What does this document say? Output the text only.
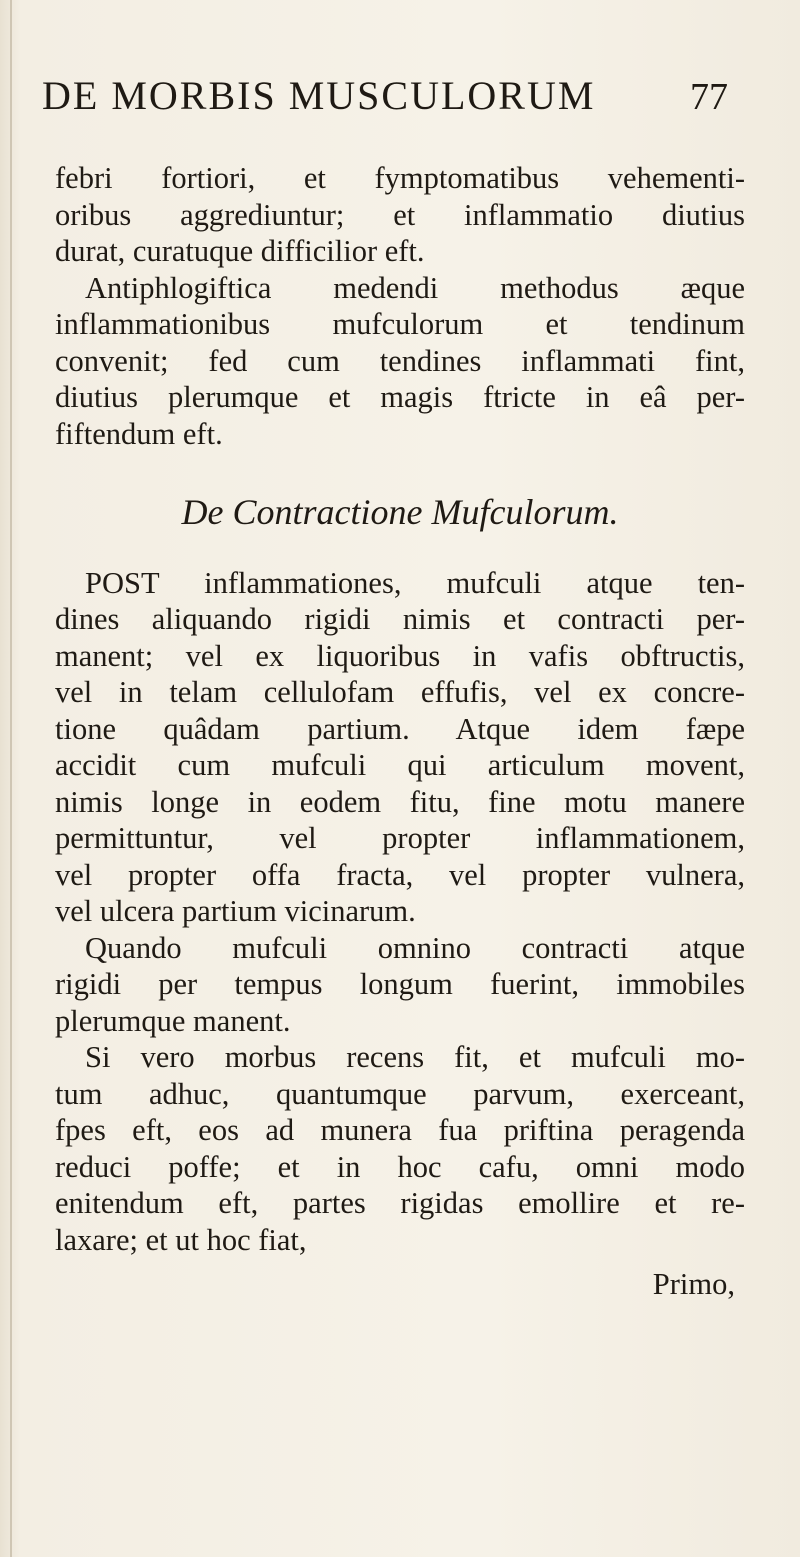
DE MORBIS MUSCULORUM 77
febri fortiori, et fymptomatibus vehementi-
oribus aggrediuntur; et inflammatio diutius
durat, curatuque difficilior eft.
Antiphlogiftica medendi methodus æque
inflammationibus mufculorum et tendinum
convenit; fed cum tendines inflammati fint,
diutius plerumque et magis ftricte in eâ per-
fiftendum eft.
De Contractione Mufculorum.
POST inflammationes, mufculi atque ten-
dines aliquando rigidi nimis et contracti per-
manent; vel ex liquoribus in vafis obftructis,
vel in telam cellulofam effufis, vel ex concre-
tione quâdam partium. Atque idem fæpe
accidit cum mufculi qui articulum movent,
nimis longe in eodem fitu, fine motu manere
permittuntur, vel propter inflammationem,
vel propter offa fracta, vel propter vulnera,
vel ulcera partium vicinarum.
Quando mufculi omnino contracti atque
rigidi per tempus longum fuerint, immobiles
plerumque manent.
Si vero morbus recens fit, et mufculi mo-
tum adhuc, quantumque parvum, exerceant,
fpes eft, eos ad munera fua priftina peragenda
reduci poffe; et in hoc cafu, omni modo
enitendum eft, partes rigidas emollire et re-
laxare; et ut hoc fiat,
Primo,
